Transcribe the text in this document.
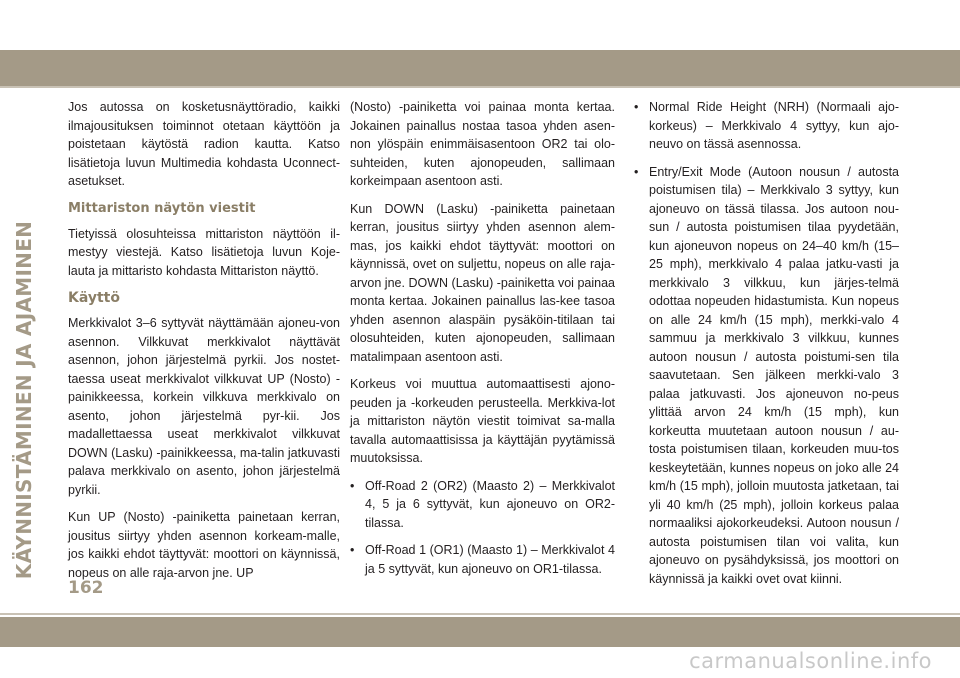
KÄYNNISTÄMINEN JA AJAMINEN

Jos autossa on kosketusnäyttöradio, kaikki ilmajousituksen toiminnot otetaan käyttöön ja poistetaan käytöstä radion kautta. Katso lisätietoja luvun Multimedia kohdasta Uconnect-asetukset.

Mittariston näytön viestit

Tietyissä olosuhteissa mittariston näyttöön il-mestyy viestejä. Katso lisätietoja luvun Koje-lauta ja mittaristo kohdasta Mittariston näyttö.

Käyttö

Merkkivalot 3–6 syttyvät näyttämään ajoneu-von asennon. Vilkkuvat merkkivalot näyttävät asennon, johon järjestelmä pyrkii. Jos nostet-taessa useat merkkivalot vilkkuvat UP (Nosto) -painikkeessa, korkein vilkkuva merkkivalo on asento, johon järjestelmä pyr-kii. Jos madallettaessa useat merkkivalot vilkkuvat DOWN (Lasku) -painikkeessa, ma-talin jatkuvasti palava merkkivalo on asento, johon järjestelmä pyrkii.

Kun UP (Nosto) -painiketta painetaan kerran, jousitus siirtyy yhden asennon korkeam-malle, jos kaikki ehdot täyttyvät: moottori on käynnissä, nopeus on alle raja-arvon jne. UP

(Nosto) -painiketta voi painaa monta kertaa. Jokainen painallus nostaa tasoa yhden asen-non ylöspäin enimmäisasentoon OR2 tai olo-suhteiden, kuten ajonopeuden, sallimaan korkeimpaan asentoon asti.

Kun DOWN (Lasku) -painiketta painetaan kerran, jousitus siirtyy yhden asennon alem-mas, jos kaikki ehdot täyttyvät: moottori on käynnissä, ovet on suljettu, nopeus on alle raja-arvon jne. DOWN (Lasku) -painiketta voi painaa monta kertaa. Jokainen painallus las-kee tasoa yhden asennon alaspäin pysäköin-titilaan tai olosuhteiden, kuten ajonopeuden, sallimaan matalimpaan asentoon asti.

Korkeus voi muuttua automaattisesti ajono-peuden ja -korkeuden perusteella. Merkkiva-lot ja mittariston näytön viestit toimivat sa-malla tavalla automaattisissa ja käyttäjän pyytämissä muutoksissa.

• Off-Road 2 (OR2) (Maasto 2) – Merkkivalot 4, 5 ja 6 syttyvät, kun ajoneuvo on OR2-tilassa.
• Off-Road 1 (OR1) (Maasto 1) – Merkkivalot 4 ja 5 syttyvät, kun ajoneuvo on OR1-tilassa.
• Normal Ride Height (NRH) (Normaali ajo-korkeus) – Merkkivalo 4 syttyy, kun ajo-neuvo on tässä asennossa.
• Entry/Exit Mode (Autoon nousun / autosta poistumisen tila) – Merkkivalo 3 syttyy, kun ajoneuvo on tässä tilassa. Jos autoon nou-sun / autosta poistumisen tilaa pyydetään, kun ajoneuvon nopeus on 24–40 km/h (15–25 mph), merkkivalo 4 palaa jatku-vasti ja merkkivalo 3 vilkkuu, kun järjes-telmä odottaa nopeuden hidastumista. Kun nopeus on alle 24 km/h (15 mph), merkki-valo 4 sammuu ja merkkivalo 3 vilkkuu, kunnes autoon nousun / autosta poistumi-sen tila saavutetaan. Sen jälkeen merkki-valo 3 palaa jatkuvasti. Jos ajoneuvon no-peus ylittää arvon 24 km/h (15 mph), kun korkeutta muutetaan autoon nousun / au-tosta poistumisen tilaan, korkeuden muu-tos keskeytetään, kunnes nopeus on joko alle 24 km/h (15 mph), jolloin muutosta jatketaan, tai yli 40 km/h (25 mph), jolloin korkeus palaa normaaliksi ajokorkeudeksi. Autoon nousun / autosta poistumisen tilan voi valita, kun ajoneuvo on pysähdyksissä, jos moottori on käynnissä ja kaikki ovet ovat kiinni.
162
carmanualsonline.info
